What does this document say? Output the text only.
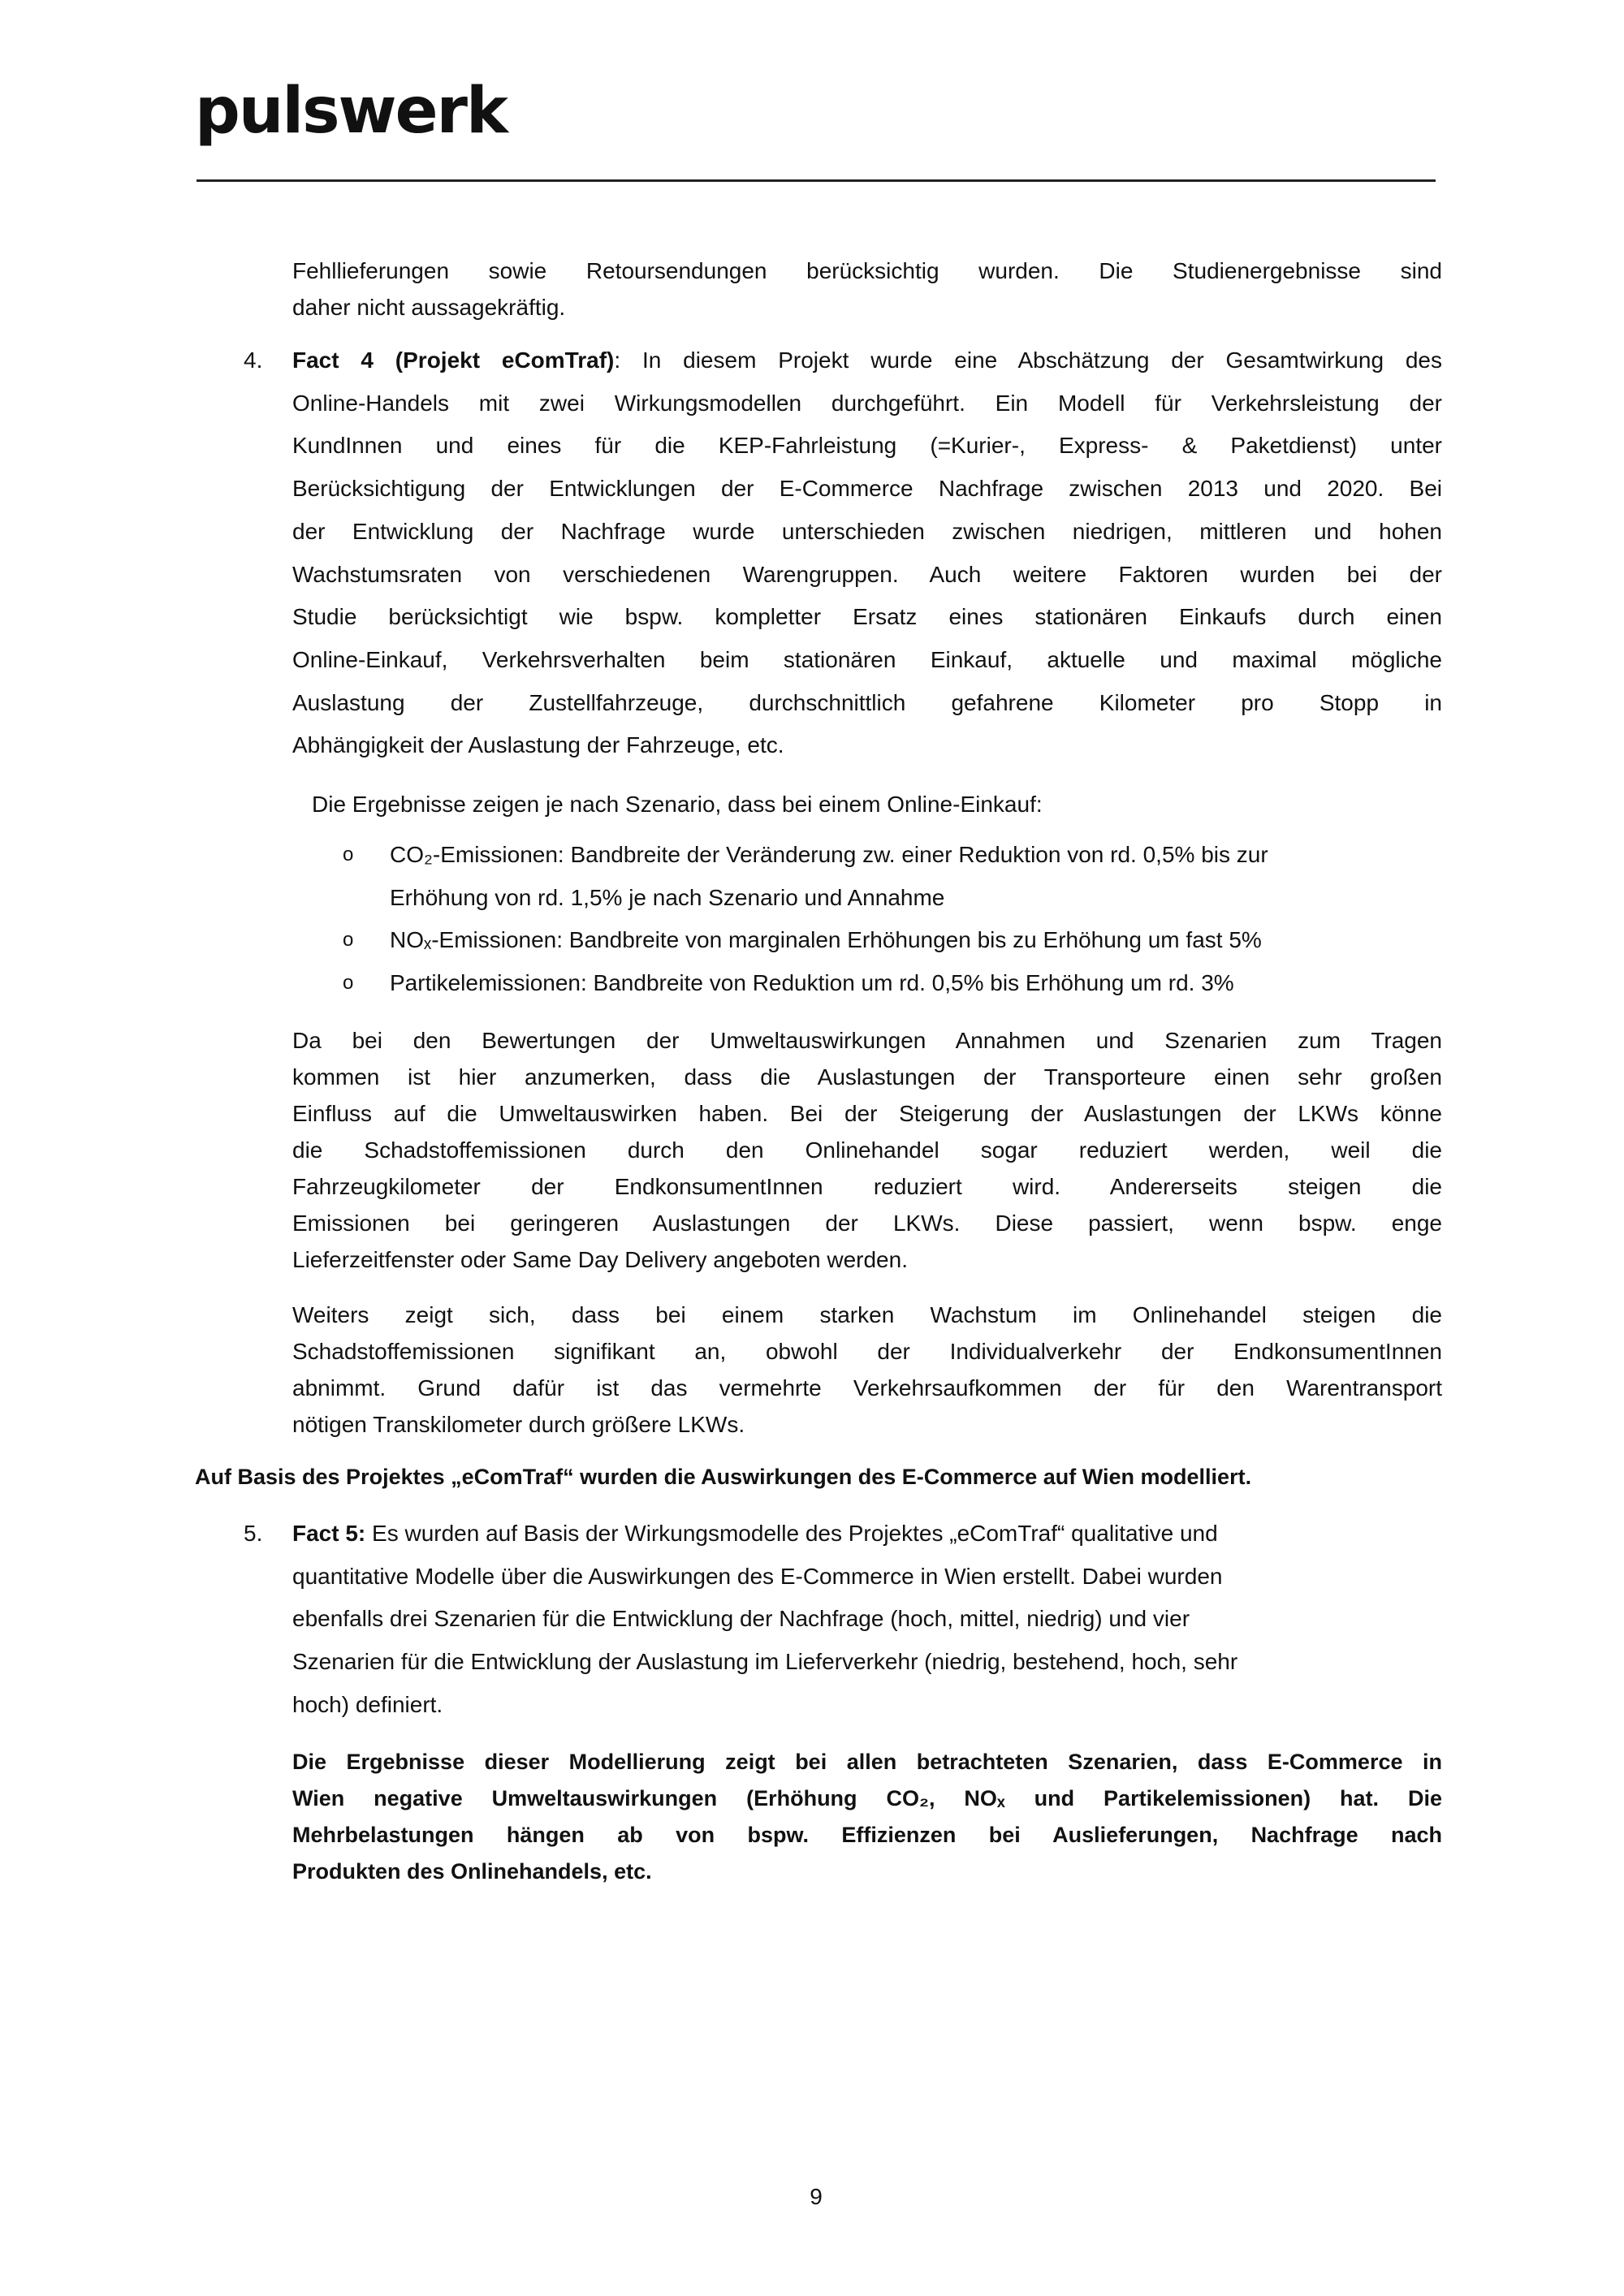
pulswerk
Fehllieferungen sowie Retoursendungen berücksichtig wurden. Die Studienergebnisse sind
daher nicht aussagekräftig.
4. Fact 4 (Projekt eComTraf): In diesem Projekt wurde eine Abschätzung der Gesamtwirkung des
Online-Handels mit zwei Wirkungsmodellen durchgeführt. Ein Modell für Verkehrsleistung der
KundInnen und eines für die KEP-Fahrleistung (=Kurier-, Express- & Paketdienst) unter
Berücksichtigung der Entwicklungen der E-Commerce Nachfrage zwischen 2013 und 2020. Bei
der Entwicklung der Nachfrage wurde unterschieden zwischen niedrigen, mittleren und hohen
Wachstumsraten von verschiedenen Warengruppen. Auch weitere Faktoren wurden bei der
Studie berücksichtigt wie bspw. kompletter Ersatz eines stationären Einkaufs durch einen
Online-Einkauf, Verkehrsverhalten beim stationären Einkauf, aktuelle und maximal mögliche
Auslastung der Zustellfahrzeuge, durchschnittlich gefahrene Kilometer pro Stopp in
Abhängigkeit der Auslastung der Fahrzeuge, etc.
Die Ergebnisse zeigen je nach Szenario, dass bei einem Online-Einkauf:
o CO₂-Emissionen: Bandbreite der Veränderung zw. einer Reduktion von rd. 0,5% bis zur
Erhöhung von rd. 1,5% je nach Szenario und Annahme
o NOₓ-Emissionen: Bandbreite von marginalen Erhöhungen bis zu Erhöhung um fast 5%
o Partikelemissionen: Bandbreite von Reduktion um rd. 0,5% bis Erhöhung um rd. 3%
Da bei den Bewertungen der Umweltauswirkungen Annahmen und Szenarien zum Tragen
kommen ist hier anzumerken, dass die Auslastungen der Transporteure einen sehr großen
Einfluss auf die Umweltauswirken haben. Bei der Steigerung der Auslastungen der LKWs könne
die Schadstoffemissionen durch den Onlinehandel sogar reduziert werden, weil die
Fahrzeugkilometer der EndkonsumentInnen reduziert wird. Andererseits steigen die
Emissionen bei geringeren Auslastungen der LKWs. Diese passiert, wenn bspw. enge
Lieferzeitfenster oder Same Day Delivery angeboten werden.
Weiters zeigt sich, dass bei einem starken Wachstum im Onlinehandel steigen die
Schadstoffemissionen signifikant an, obwohl der Individualverkehr der EndkonsumentInnen
abnimmt. Grund dafür ist das vermehrte Verkehrsaufkommen der für den Warentransport
nötigen Transkilometer durch größere LKWs.
Auf Basis des Projektes „eComTraf“ wurden die Auswirkungen des E-Commerce auf Wien modelliert.
5. Fact 5: Es wurden auf Basis der Wirkungsmodelle des Projektes „eComTraf“ qualitative und
quantitative Modelle über die Auswirkungen des E-Commerce in Wien erstellt. Dabei wurden
ebenfalls drei Szenarien für die Entwicklung der Nachfrage (hoch, mittel, niedrig) und vier
Szenarien für die Entwicklung der Auslastung im Lieferverkehr (niedrig, bestehend, hoch, sehr
hoch) definiert.
Die Ergebnisse dieser Modellierung zeigt bei allen betrachteten Szenarien, dass E-Commerce in
Wien negative Umweltauswirkungen (Erhöhung CO₂, NOₓ und Partikelemissionen) hat. Die
Mehrbelastungen hängen ab von bspw. Effizienzen bei Auslieferungen, Nachfrage nach
Produkten des Onlinehandels, etc.
9
